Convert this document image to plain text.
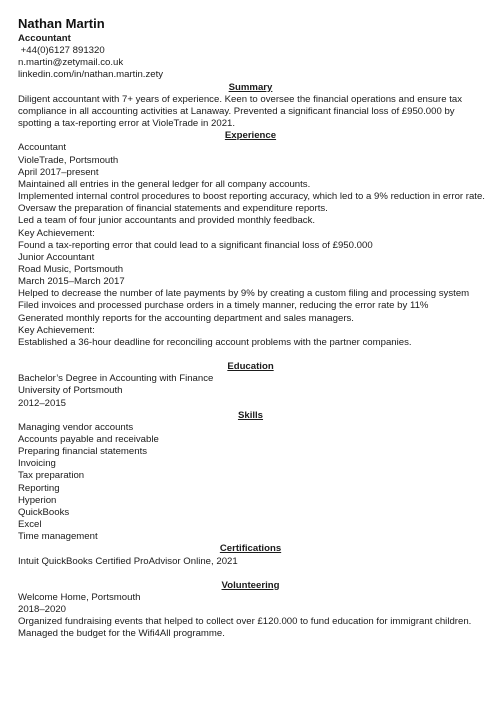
Nathan Martin
Accountant
+44(0)6127 891320
n.martin@zetymail.co.uk
linkedin.com/in/nathan.martin.zety
Summary
Diligent accountant with 7+ years of experience. Keen to oversee the financial operations and ensure tax compliance in all accounting activities at Lanaway. Prevented a significant financial loss of £950.000 by spotting a tax-reporting error at VioleTrade in 2021.
Experience
Accountant
VioleTrade, Portsmouth
April 2017–present
Maintained all entries in the general ledger for all company accounts.
Implemented internal control procedures to boost reporting accuracy, which led to a 9% reduction in error rate.
Oversaw the preparation of financial statements and expenditure reports.
Led a team of four junior accountants and provided monthly feedback.
Key Achievement:
Found a tax-reporting error that could lead to a significant financial loss of £950.000
Junior Accountant
Road Music, Portsmouth
March 2015–March 2017
Helped to decrease the number of late payments by 9% by creating a custom filing and processing system
Filed invoices and processed purchase orders in a timely manner, reducing the error rate by 11%
Generated monthly reports for the accounting department and sales managers.
Key Achievement:
Established a 36-hour deadline for reconciling account problems with the partner companies.
Education
Bachelor’s Degree in Accounting with Finance
University of Portsmouth
2012–2015
Skills
Managing vendor accounts
Accounts payable and receivable
Preparing financial statements
Invoicing
Tax preparation
Reporting
Hyperion
QuickBooks
Excel
Time management
Certifications
Intuit QuickBooks Certified ProAdvisor Online, 2021
Volunteering
Welcome Home, Portsmouth
2018–2020
Organized fundraising events that helped to collect over £120.000 to fund education for immigrant children.
Managed the budget for the Wifi4All programme.
